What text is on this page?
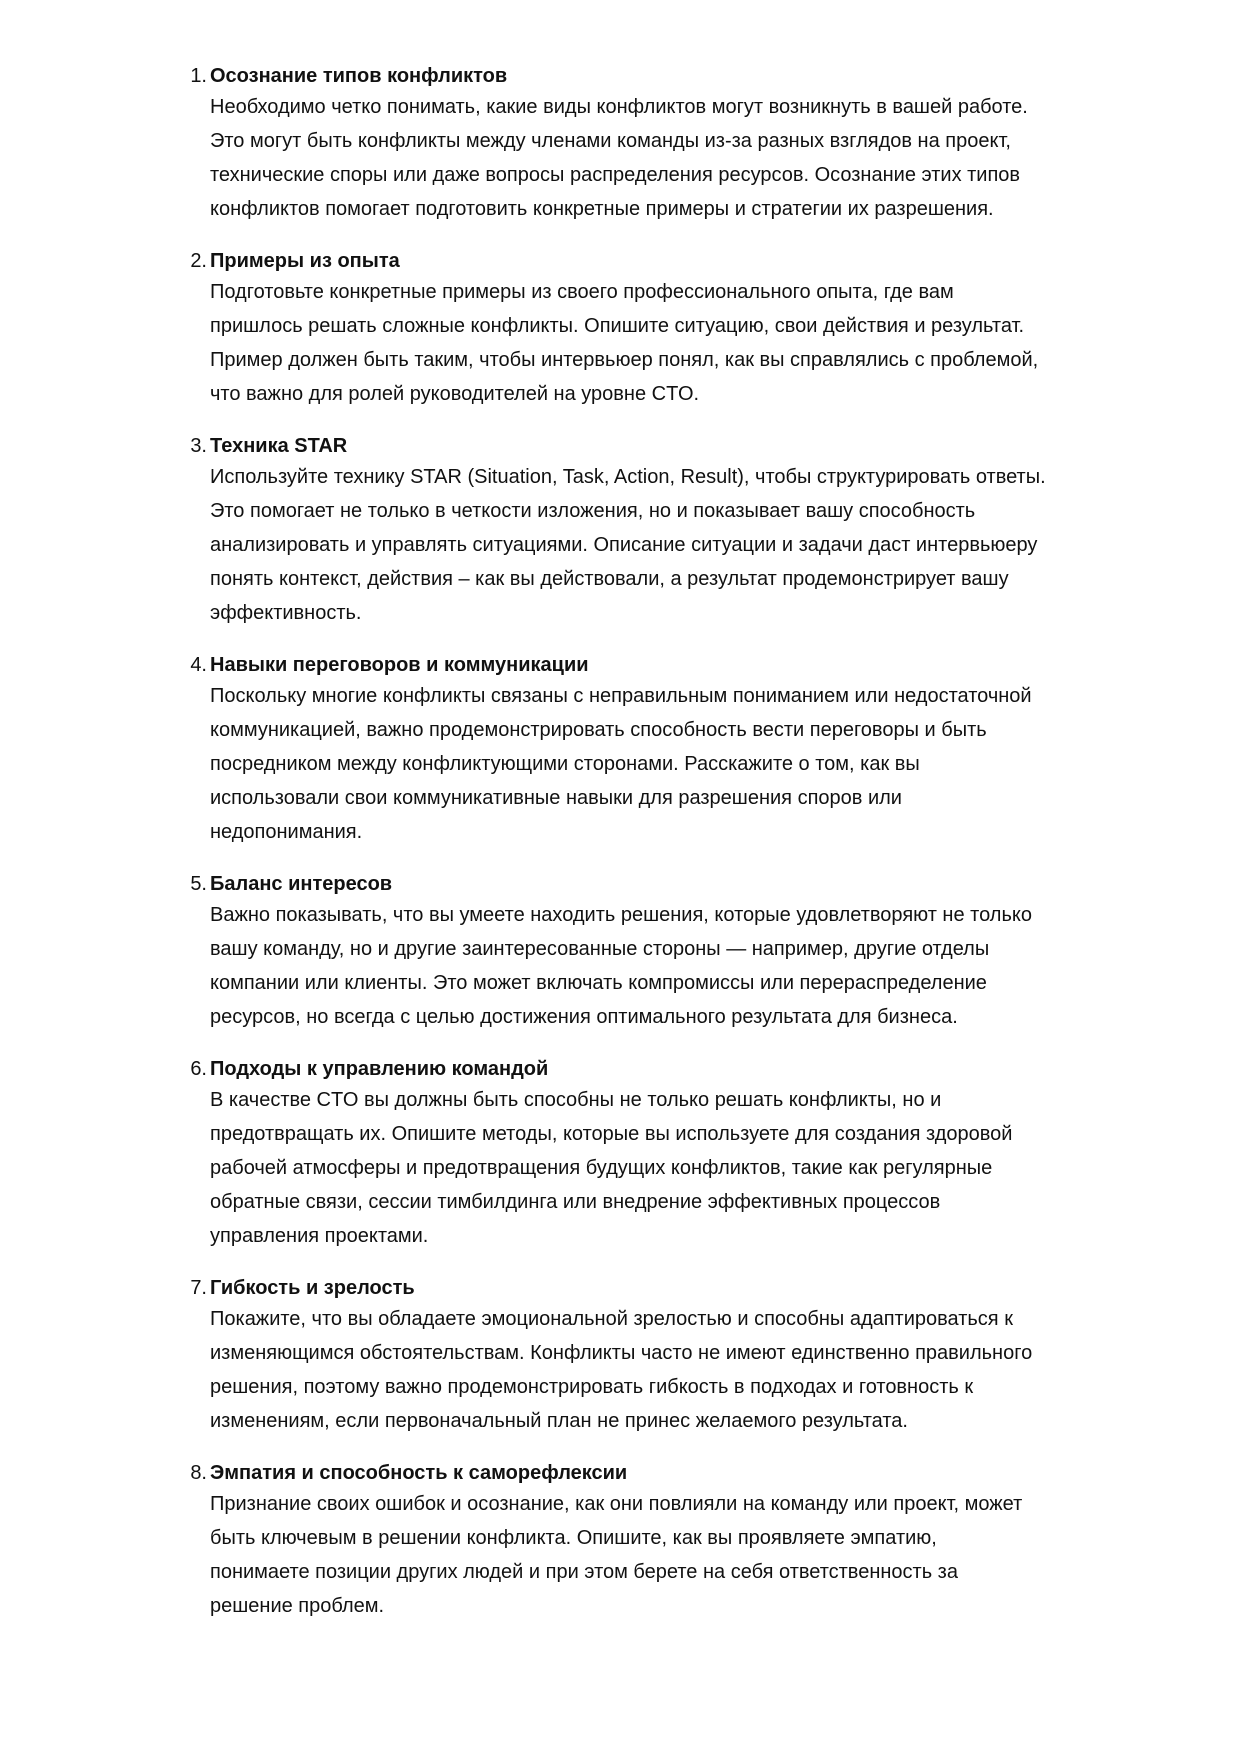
1. Осознание типов конфликтов
Необходимо четко понимать, какие виды конфликтов могут возникнуть в вашей работе.
Это могут быть конфликты между членами команды из-за разных взглядов на проект,
технические споры или даже вопросы распределения ресурсов. Осознание этих типов
конфликтов помогает подготовить конкретные примеры и стратегии их разрешения.
2. Примеры из опыта
Подготовьте конкретные примеры из своего профессионального опыта, где вам
пришлось решать сложные конфликты. Опишите ситуацию, свои действия и результат.
Пример должен быть таким, чтобы интервьюер понял, как вы справлялись с проблемой,
что важно для ролей руководителей на уровне CTO.
3. Техника STAR
Используйте технику STAR (Situation, Task, Action, Result), чтобы структурировать ответы.
Это помогает не только в четкости изложения, но и показывает вашу способность
анализировать и управлять ситуациями. Описание ситуации и задачи даст интервьюеру
понять контекст, действия – как вы действовали, а результат продемонстрирует вашу
эффективность.
4. Навыки переговоров и коммуникации
Поскольку многие конфликты связаны с неправильным пониманием или недостаточной
коммуникацией, важно продемонстрировать способность вести переговоры и быть
посредником между конфликтующими сторонами. Расскажите о том, как вы
использовали свои коммуникативные навыки для разрешения споров или
недопонимания.
5. Баланс интересов
Важно показывать, что вы умеете находить решения, которые удовлетворяют не только
вашу команду, но и другие заинтересованные стороны — например, другие отделы
компании или клиенты. Это может включать компромиссы или перераспределение
ресурсов, но всегда с целью достижения оптимального результата для бизнеса.
6. Подходы к управлению командой
В качестве CTO вы должны быть способны не только решать конфликты, но и
предотвращать их. Опишите методы, которые вы используете для создания здоровой
рабочей атмосферы и предотвращения будущих конфликтов, такие как регулярные
обратные связи, сессии тимбилдинга или внедрение эффективных процессов
управления проектами.
7. Гибкость и зрелость
Покажите, что вы обладаете эмоциональной зрелостью и способны адаптироваться к
изменяющимся обстоятельствам. Конфликты часто не имеют единственно правильного
решения, поэтому важно продемонстрировать гибкость в подходах и готовность к
изменениям, если первоначальный план не принес желаемого результата.
8. Эмпатия и способность к саморефлексии
Признание своих ошибок и осознание, как они повлияли на команду или проект, может
быть ключевым в решении конфликта. Опишите, как вы проявляете эмпатию,
понимаете позиции других людей и при этом берете на себя ответственность за
решение проблем.
